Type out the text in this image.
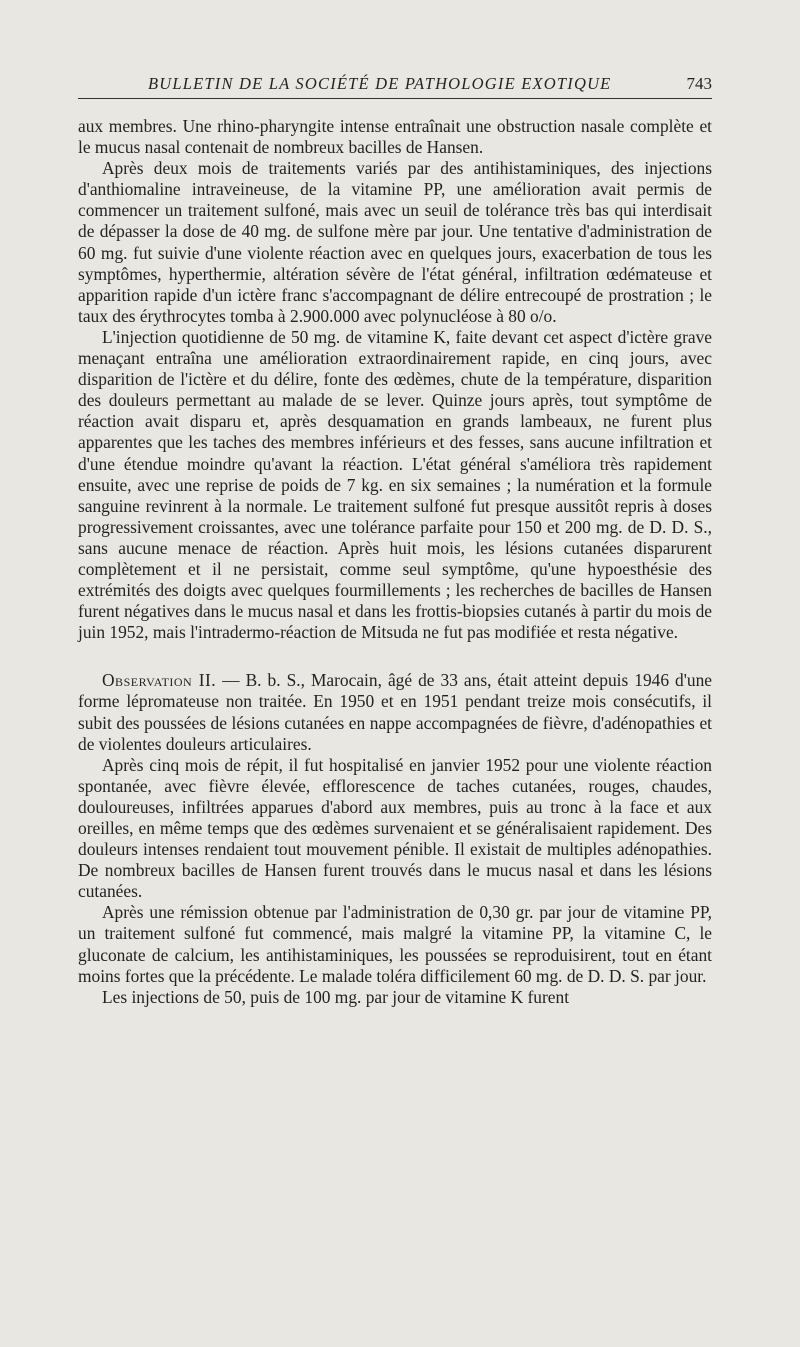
BULLETIN DE LA SOCIÉTÉ DE PATHOLOGIE EXOTIQUE	743

aux membres. Une rhino-pharyngite intense entraînait une obstruction nasale complète et le mucus nasal contenait de nombreux bacilles de Hansen.

Après deux mois de traitements variés par des antihistaminiques, des injections d'anthiomaline intraveineuse, de la vitamine PP, une amélioration avait permis de commencer un traitement sulfoné, mais avec un seuil de tolérance très bas qui interdisait de dépasser la dose de 40 mg. de sulfone mère par jour. Une tentative d'administration de 60 mg. fut suivie d'une violente réaction avec en quelques jours, exacerbation de tous les symptômes, hyperthermie, altération sévère de l'état général, infiltration œdémateuse et apparition rapide d'un ictère franc s'accompagnant de délire entrecoupé de prostration ; le taux des érythrocytes tomba à 2.900.000 avec polynucléose à 80 o/o.

L'injection quotidienne de 50 mg. de vitamine K, faite devant cet aspect d'ictère grave menaçant entraîna une amélioration extraordinairement rapide, en cinq jours, avec disparition de l'ictère et du délire, fonte des œdèmes, chute de la température, disparition des douleurs permettant au malade de se lever. Quinze jours après, tout symptôme de réaction avait disparu et, après desquamation en grands lambeaux, ne furent plus apparentes que les taches des membres inférieurs et des fesses, sans aucune infiltration et d'une étendue moindre qu'avant la réaction. L'état général s'améliora très rapidement ensuite, avec une reprise de poids de 7 kg. en six semaines ; la numération et la formule sanguine revinrent à la normale. Le traitement sulfoné fut presque aussitôt repris à doses progressivement croissantes, avec une tolérance parfaite pour 150 et 200 mg. de D. D. S., sans aucune menace de réaction. Après huit mois, les lésions cutanées disparurent complètement et il ne persistait, comme seul symptôme, qu'une hypoesthésie des extrémités des doigts avec quelques fourmillements ; les recherches de bacilles de Hansen furent négatives dans le mucus nasal et dans les frottis-biopsies cutanés à partir du mois de juin 1952, mais l'intradermo-réaction de Mitsuda ne fut pas modifiée et resta négative.

Observation II. — B. b. S., Marocain, âgé de 33 ans, était atteint depuis 1946 d'une forme lépromateuse non traitée. En 1950 et en 1951 pendant treize mois consécutifs, il subit des poussées de lésions cutanées en nappe accompagnées de fièvre, d'adénopathies et de violentes douleurs articulaires.

Après cinq mois de répit, il fut hospitalisé en janvier 1952 pour une violente réaction spontanée, avec fièvre élevée, efflorescence de taches cutanées, rouges, chaudes, douloureuses, infiltrées apparues d'abord aux membres, puis au tronc à la face et aux oreilles, en même temps que des œdèmes survenaient et se généralisaient rapidement. Des douleurs intenses rendaient tout mouvement pénible. Il existait de multiples adénopathies. De nombreux bacilles de Hansen furent trouvés dans le mucus nasal et dans les lésions cutanées.

Après une rémission obtenue par l'administration de 0,30 gr. par jour de vitamine PP, un traitement sulfoné fut commencé, mais malgré la vitamine PP, la vitamine C, le gluconate de calcium, les antihistaminiques, les poussées se reproduisirent, tout en étant moins fortes que la précédente. Le malade toléra difficilement 60 mg. de D. D. S. par jour.

Les injections de 50, puis de 100 mg. par jour de vitamine K furent
